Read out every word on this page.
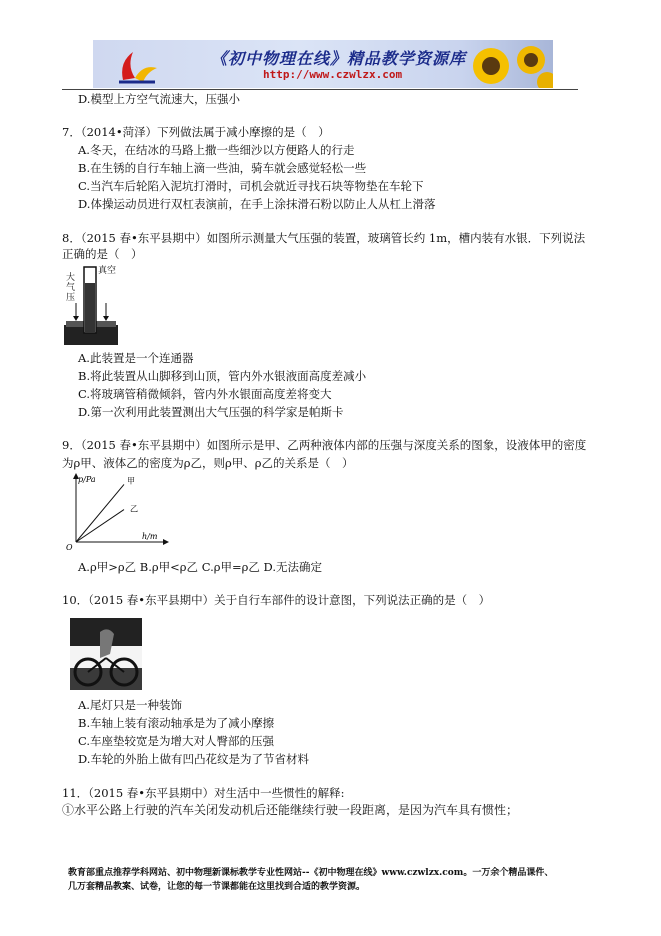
《初中物理在线》精品教学资源库
http://www.czwlzx.com
D.模型上方空气流速大，压强小
7．（2014•菏泽）下列做法属于减小摩擦的是（　）
A.冬天，在结冰的马路上撒一些细沙以方便路人的行走
B.在生锈的自行车轴上滴一些油，骑车就会感觉轻松一些
C.当汽车后轮陷入泥坑打滑时，司机会就近寻找石块等物垫在车轮下
D.体操运动员进行双杠表演前，在手上涂抹滑石粉以防止人从杠上滑落
8．（2015 春•东平县期中）如图所示测量大气压强的装置，玻璃管长约 1m，槽内装有水银．下列说法
正确的是（　）
真空
大
气
压
A.此装置是一个连通器
B.将此装置从山脚移到山顶，管内外水银液面高度差减小
C.将玻璃管稍微倾斜，管内外水银面高度差将变大
D.第一次利用此装置测出大气压强的科学家是帕斯卡
9．（2015 春•东平县期中）如图所示是甲、乙两种液体内部的压强与深度关系的图象，设液体甲的密度
为ρ甲、液体乙的密度为ρ乙，则ρ甲、ρ乙的关系是（　）
p/Pa
h/m
O
甲
乙
A.ρ甲>ρ乙 B.ρ甲<ρ乙 C.ρ甲=ρ乙 D.无法确定
10．（2015 春•东平县期中）关于自行车部件的设计意图，下列说法正确的是（　）
A.尾灯只是一种装饰
B.车轴上装有滚动轴承是为了减小摩擦
C.车座垫较宽是为增大对人臀部的压强
D.车轮的外胎上做有凹凸花纹是为了节省材料
11．（2015 春•东平县期中）对生活中一些惯性的解释:
①水平公路上行驶的汽车关闭发动机后还能继续行驶一段距离，是因为汽车具有惯性；
教育部重点推荐学科网站、初中物理新课标教学专业性网站--《初中物理在线》www.czwlzx.com。一万余个精品课件、
几万套精品教案、试卷，让您的每一节课都能在这里找到合适的教学资源。
